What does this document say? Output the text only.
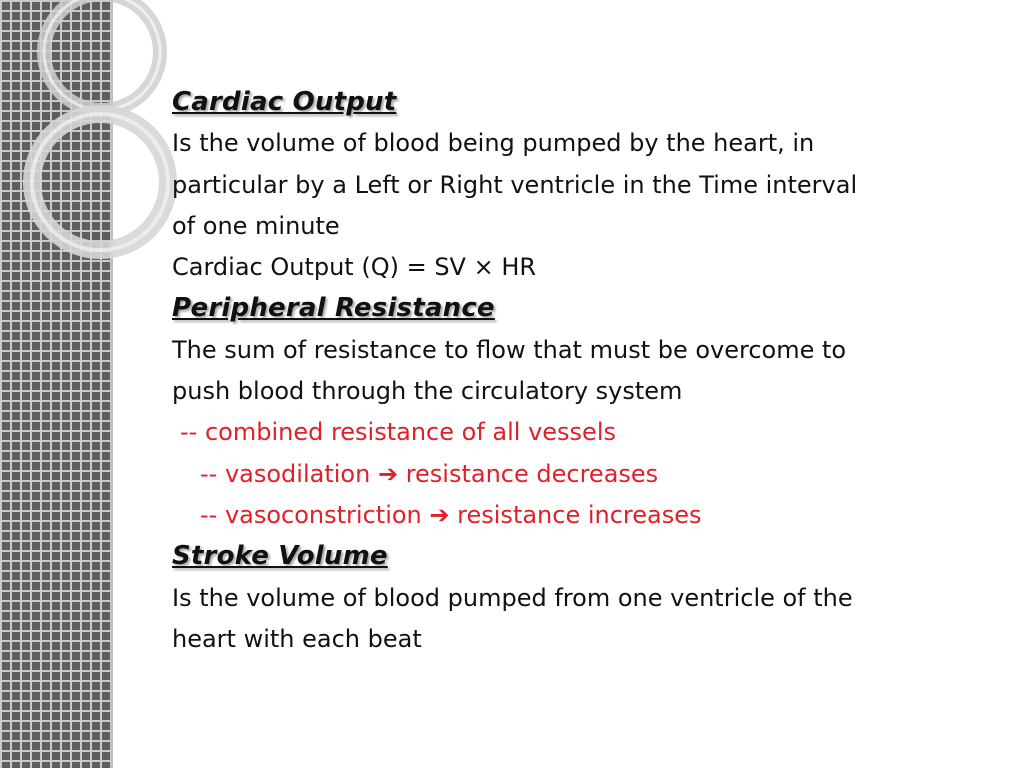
Cardiac Output
Is the volume of blood being pumped by the heart, in
particular by a Left or Right ventricle in the Time interval
of one minute
Cardiac Output (Q) = SV × HR
Peripheral Resistance
The sum of resistance to flow that must be overcome to
push blood through the circulatory system
-- combined resistance of all vessels
-- vasodilation ➔ resistance decreases
-- vasoconstriction ➔ resistance increases
Stroke Volume
Is the volume of blood pumped from one ventricle of the
heart with each beat
